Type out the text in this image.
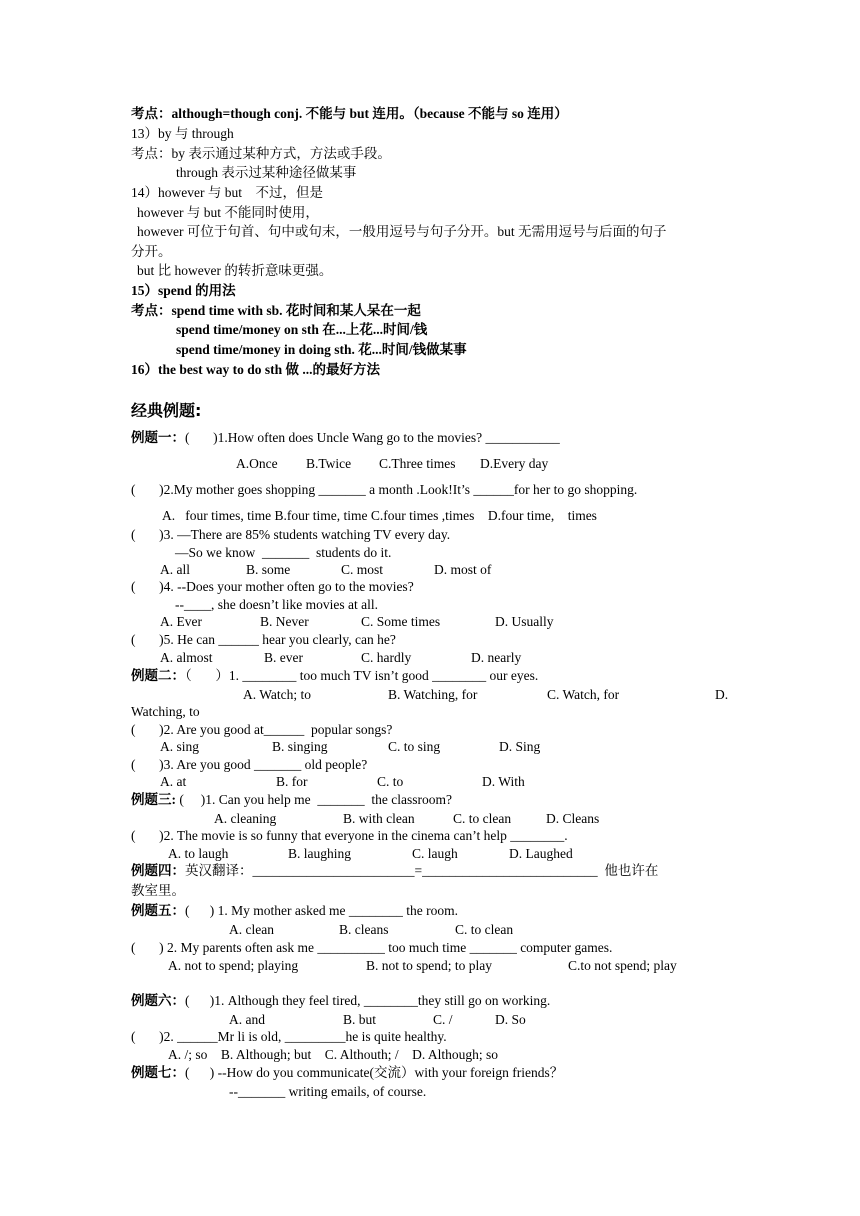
考点：although=though conj. 不能与 but 连用。（because 不能与 so 连用）
13）by 与 through
考点：by 表示通过某种方式，方法或手段。
through 表示过某种途径做某事
14）however 与 but    不过，但是
however 与 but 不能同时使用，
however 可位于句首、句中或句末，一般用逗号与句子分开。but 无需用逗号与后面的句子
分开。
but 比 however 的转折意味更强。
15）spend 的用法
考点：spend time with sb. 花时间和某人呆在一起
spend time/money on sth 在...上花...时间/钱
spend time/money in doing sth. 花...时间/钱做某事
16）the best way to do sth 做 ...的最好方法
经典例题:
例题一：(       )1.How often does Uncle Wang go to the movies? ___________
A.Once B.Twice C.Three times D.Every day
(       )2.My mother goes shopping _______ a month .Look!It’s ______for her to go shopping.
A.   four times, time B.four time, time C.four times ,times    D.four time,    times
(       )3. —There are 85% students watching TV every day.
—So we know  _______  students do it.
A. all	B. some	C. most	D. most of
(       )4. --Does your mother often go to the movies?
--____, she doesn’t like movies at all.
A. Ever	B. Never	C. Some times	D. Usually
(       )5. He can ______ hear you clearly, can he?
A. almost	B. ever	C. hardly	D. nearly
例题二：（       ）1. ________ too much TV isn’t good ________ our eyes.
A. Watch; to	B. Watching, for	C. Watch, for	D.
Watching, to
(       )2. Are you good at______  popular songs?
A. sing	B. singing	C. to sing	D. Sing
(       )3. Are you good _______ old people?
A. at	B. for	C. to	D. With
例题三: (     )1. Can you help me  _______  the classroom?
A. cleaning	B. with clean	C. to clean	D. Cleans
(       )2. The movie is so funny that everyone in the cinema can’t help ________.
A. to laugh	B. laughing	C. laugh	D. Laughed
例题四：英汉翻译：________________________=__________________________  他也许在
教室里。
例题五：(      ) 1. My mother asked me ________ the room.
A. clean	B. cleans	C. to clean
(       ) 2. My parents often ask me __________ too much time _______ computer games.
A. not to spend; playing	B. not to spend; to play	C.to not spend; play
例题六：(      )1. Although they feel tired, ________they still go on working.
A. and	B. but	C. /	D. So
(       )2. ______Mr li is old, _________he is quite healthy.
A. /; so    B. Although; but    C. Althouth; /    D. Although; so
例题七：(      ) --How do you communicate(交流）with your foreign friends？
--_______ writing emails, of course.
